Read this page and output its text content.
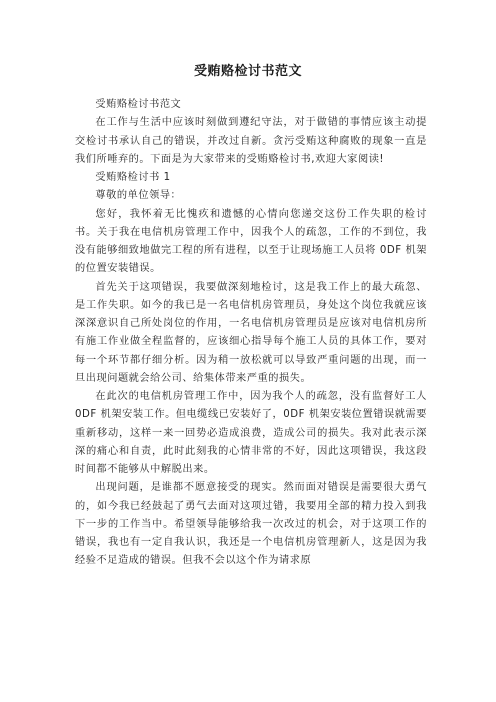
受贿赂检讨书范文

受贿赂检讨书范文

在工作与生活中应该时刻做到遵纪守法，对于做错的事情应该主动提交检讨书承认自己的错误，并改过自新。贪污受贿这种腐败的现象一直是我们所唾弃的。下面是为大家带来的受贿赂检讨书,欢迎大家阅读!

受贿赂检讨书 1

尊敬的单位领导：

您好，我怀着无比愧疚和遗憾的心情向您递交这份工作失职的检讨书。关于我在电信机房管理工作中，因我个人的疏忽，工作的不到位，我没有能够细致地做完工程的所有进程，以至于让现场施工人员将 0DF 机架的位置安装错误。

首先关于这项错误，我要做深刻地检讨，这是我工作上的最大疏忽、是工作失职。如今的我已是一名电信机房管理员，身处这个岗位我就应该深深意识自己所处岗位的作用，一名电信机房管理员是应该对电信机房所有施工作业做全程监督的，应该细心指导每个施工人员的具体工作，要对每一个环节都仔细分析。因为稍一放松就可以导致严重问题的出现，而一旦出现问题就会给公司、给集体带来严重的损失。

在此次的电信机房管理工作中，因为我个人的疏忽，没有监督好工人 0DF 机架安装工作。但电缆线已安装好了，0DF 机架安装位置错误就需要重新移动，这样一来一回势必造成浪费，造成公司的损失。我对此表示深深的痛心和自责，此时此刻我的心情非常的不好，因此这项错误，我这段时间都不能够从中解脱出来。

出现问题，是谁都不愿意接受的现实。然而面对错误是需要很大勇气的，如今我已经鼓起了勇气去面对这项过错，我要用全部的精力投入到我下一步的工作当中。希望领导能够给我一次改过的机会，对于这项工作的错误，我也有一定自我认识，我还是一个电信机房管理新人，这是因为我经验不足造成的错误。但我不会以这个作为请求原
